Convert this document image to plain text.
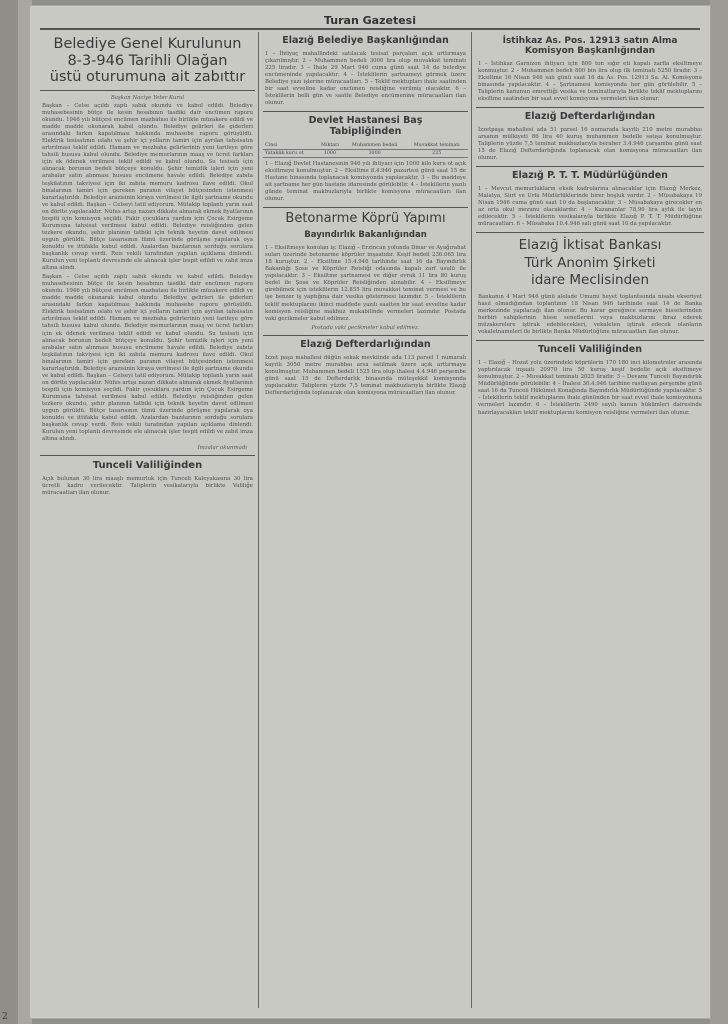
Turan Gazetesi
Belediye Genel Kurulunun
8-3-946 Tarihli Olağan
üstü oturumuna ait zabıttır
Başkan Naciye Yeter Kurul
Başkan – Celse açıldı zaptı sabık okundu ve kabul edildi. Belediye muhasebesinin bütçe ile kesin hesabının tasdiki dair encümen raporu okundu. 1946 yılı bütçesi encümen mazbatası ile birlikte müzakere edildi ve madde madde okunarak kabul olundu. Belediye gelirleri ile giderleri arasındaki farkın kapatılması hakkında muhasebe raporu görüşüldü. Elektrik tesisatının ıslahı ve şehir içi yolların tamiri için ayrılan tahsisatın artırılması teklif edildi. Hamam ve mezbaha gelirlerinin yeni tarifeye göre tahsili hususu kabul olundu. Belediye memurlarının maaş ve ücret farkları için ek ödenek verilmesi teklif edildi ve kabul olundu. Su tesisatı için alınacak borunun bedeli bütçeye konuldu. Şehir temizlik işleri için yeni arabalar satın alınması hususu encümene havale edildi. Belediye zabıta teşkilatının takviyesi için iki zabıta memuru kadrosu ilave edildi. Okul binalarının tamiri için gereken paranın vilayet bütçesinden istenmesi kararlaştırıldı. Belediye arazisinin kiraya verilmesi ile ilgili şartname okundu ve kabul edildi. Başkan – Celseyi tatil ediyorum. Mütakip toplantı yarın saat on dörtte yapılacaktır. Nüfus artışı nazarı dikkate alınarak ekmek fiyatlarının tespiti için komisyon seçildi. Fakir çocuklara yardım için Çocuk Esirgeme Kurumuna tahsisat verilmesi kabul edildi. Belediye reisliğinden gelen tezkere okundu, şehir planının tatbiki için teknik heyetin davet edilmesi uygun görüldü. Bütçe tasarısının tümü üzerinde görüşme yapılarak oya konuldu ve ittifakla kabul edildi. Azalardan bazılarının sorduğu sorulara başkanlık cevap verdi. Reis vekili tarafından yapılan açıklama dinlendi. Kurulun yeni toplantı devresinde ele alınacak işler tespit edildi ve zabıt imza altına alındı.
Başkan – Celse açıldı zaptı sabık okundu ve kabul edildi. Belediye muhasebesinin bütçe ile kesin hesabının tasdiki dair encümen raporu okundu. 1946 yılı bütçesi encümen mazbatası ile birlikte müzakere edildi ve madde madde okunarak kabul olundu. Belediye gelirleri ile giderleri arasındaki farkın kapatılması hakkında muhasebe raporu görüşüldü. Elektrik tesisatının ıslahı ve şehir içi yolların tamiri için ayrılan tahsisatın artırılması teklif edildi. Hamam ve mezbaha gelirlerinin yeni tarifeye göre tahsili hususu kabul olundu. Belediye memurlarının maaş ve ücret farkları için ek ödenek verilmesi teklif edildi ve kabul olundu. Su tesisatı için alınacak borunun bedeli bütçeye konuldu. Şehir temizlik işleri için yeni arabalar satın alınması hususu encümene havale edildi. Belediye zabıta teşkilatının takviyesi için iki zabıta memuru kadrosu ilave edildi. Okul binalarının tamiri için gereken paranın vilayet bütçesinden istenmesi kararlaştırıldı. Belediye arazisinin kiraya verilmesi ile ilgili şartname okundu ve kabul edildi. Başkan – Celseyi tatil ediyorum. Mütakip toplantı yarın saat on dörtte yapılacaktır. Nüfus artışı nazarı dikkate alınarak ekmek fiyatlarının tespiti için komisyon seçildi. Fakir çocuklara yardım için Çocuk Esirgeme Kurumuna tahsisat verilmesi kabul edildi. Belediye reisliğinden gelen tezkere okundu, şehir planının tatbiki için teknik heyetin davet edilmesi uygun görüldü. Bütçe tasarısının tümü üzerinde görüşme yapılarak oya konuldu ve ittifakla kabul edildi. Azalardan bazılarının sorduğu sorulara başkanlık cevap verdi. Reis vekili tarafından yapılan açıklama dinlendi. Kurulun yeni toplantı devresinde ele alınacak işler tespit edildi ve zabıt imza altına alındı.
İmzalar okunmadı
Tunceli Valiliğinden
Açık bulunan 30 lira maaşlı memurluk için Tunceli Kaleyakasına 30 lira ücretli kadro verilecektir. Taliplerin vesikalarıyla birlikte Valiliğe müracaatları ilan olunur.
Elazığ Belediye Başkanlığından
1 – İhtiyaç mahallindeki satılacak tesisat parçaları açık arttırmaya çıkarılmıştır. 2 – Muhammen bedeli 3000 lira olup muvakkat teminatı 225 liradır. 3 – İhale 29 Mart 946 cuma günü saat 14 de belediye encümeninde yapılacaktır. 4 – İsteklilerin şartnameyi görmek üzere Belediye yazı işlerine müracaatları. 5 – Teklif mektupları ihale saatinden bir saat evveline kadar encümen reisliğine verilmiş olacaktır. 6 – İsteklilerin belli gün ve saatte Belediye encümenine müracaatları ilan olunur.
Devlet Hastanesi Baş
Tabipliğinden
Cinsi	Miktarı	Muhammen bedeli	Muvakkat teminatı
Yataklık kuru ot	1000	3000	225
1 – Elazığ Devlet Hastanesinin 946 yılı ihtiyacı için 1000 kilo kuru ot açık eksiltmeye konulmuştur. 2 – Eksiltme 8.4.946 pazartesi günü saat 15 de Hastane binasında toplanacak komisyonda yapılacaktır. 3 – Bu maddeye ait şartname her gün hastane idaresinde görülebilir. 4 – İsteklilerin yazılı günde teminat makbuzlarıyla birlikte komisyona müracaatları ilan olunur.
Betonarme Köprü Yapımı
Bayındırlık Bakanlığından
1 – Eksiltmeye konulan iş: Elazığ – Erzincan yolunda Dinar ve Ayağırahat suları üzerinde betonarme köprüler inşaatıdır. Keşif bedeli 236.065 lira 18 kuruştur. 2 – Eksiltme 15.4.946 tarihinde saat 16 da Bayındırlık Bakanlığı Şose ve Köprüler Reisliği odasında kapalı zarf usulü ile yapılacaktır. 3 – Eksiltme şartnamesi ve diğer evrak 11 lira 80 kuruş bedel ile Şose ve Köprüler Reisliğinden alınabilir. 4 – Eksiltmeye girebilmek için isteklilerin 12.855 lira muvakkat teminat vermesi ve bu işe benzer iş yaptığına dair vesika göstermesi lazımdır. 5 – İsteklilerin teklif mektuplarını ikinci maddede yazılı saatten bir saat evveline kadar komisyon reisliğine makbuz mukabilinde vermeleri lazımdır. Postada vaki gecikmeler kabul edilmez.
Postada vaki gecikmeler kabul edilmez.
Elazığ Defterdarlığından
İzzet paşa mahallesi düğün sokak mevkiinde ada 113 parsel 1 numaralı kayıtlı 3050 metre murabbaı arsa satılmak üzere açık arttırmaya konulmuştur. Muhammen bedeli 1525 lira olup ihalesi 4.4.946 perşembe günü saat 15 de Defterdarlık binasında müteşekkil komisyonda yapılacaktır. Taliplerin yüzde 7,5 teminat makbuzlarıyla birlikte Elazığ Defterdarlığında toplanacak olan komisyona müracaatları ilan olunur.
İstihkaz As. Pos. 12913 satın Alma
Komisyon Başkanlığından
1 – İstihkaz Garnizon ihtiyacı için 800 ton sığır eti kapalı zarfla eksiltmeye konmuştur. 2 – Muhammen bedeli 800 bin lira olup ilk teminatı 5250 liradır. 3 – Eksiltme 16 Nisan 946 salı günü saat 16 da As. Pos. 12913 Sa. Al. Komisyonu binasında yapılacaktır. 4 – Şartnamesi komisyonda her gün görülebilir. 5 – Taliplerin kanunun emrettiği vesika ve teminatlarıyla birlikte teklif mektuplarını eksiltme saatinden bir saat evvel komisyona vermeleri ilan olunur.
Elazığ Defterdarlığından
İzzetpaşa mahallesi ada 51 parsel 16 numarada kayıtlı 210 metre murabbaı arsanın mülkiyeti 86 lira 40 kuruş muhammen bedelle satışa konulmuştur. Taliplerin yüzde 7,5 teminat makbuzlarıyla beraber 3.4.946 çarşamba günü saat 15 de Elazığ Defterdarlığında toplanacak olan komisyona müracaatları ilan olunur.
Elazığ P. T. T. Müdürlüğünden
1 – Mevcut memurlukların eksik kadrolarına alınacaklar için Elazığ Merkez, Malatya, Siirt ve Urfa Müdürlüklerinde birer boşluk vardır. 2 – Müsabakaya 19 Nisan 1946 cuma günü saat 10 da başlanacaktır. 3 – Müsabakaya girecekler en az orta okul mezunu olacaklardır. 4 – Kazananlar 78,90 lira aylık ile tayin edilecektir. 5 – İsteklilerin vesikalarıyla birlikte Elazığ P. T. T. Müdürlüğüne müracaatları. 6 – Müsabaka 10.4.946 salı günü saat 10 da yapılacaktır.
Elazığ İktisat Bankası
Türk Anonim Şirketi
idare Meclisinden
Bankanın 4 Mart 946 günü alelade Umumi heyet toplantısında nisabı ekseriyet hasıl olmadığından toplantının 18 Nisan 946 tarihinde saat 14 de Banka merkezinde yapılacağı ilan olunur. Bu karar gereğince sermaye hisselerinden herbiri sahiplerinin hisse senetlerini veya makbuzlarını ibraz ederek müzakerelere iştirak edebilecekleri, vekaleten iştirak edecek olanların vekaletnameleri ile birlikte Banka Müdürlüğüne müracaatları ilan olunur.
Tunceli Valiliğinden
1 – Elazığ – Hozat yolu üzerindeki köprülerin 170 180 inci kilometreler arasında yaptırılacak inşaatı 20970 lira 50 kuruş keşif bedelle açık eksiltmeye konulmuştur. 2 – Muvakkat teminatı 2025 liradır. 3 – Devamı Tunceli Bayındırlık Müdürlüğünde görülebilir. 4 – İhalesi 30.4.946 tarihine rastlayan perşembe günü saat 16 da Tunceli Hükümet Konağında Bayındırlık Müdürlüğünde yapılacaktır. 5 – İsteklilerin teklif mektuplarını ihale gününden bir saat evvel ihale komisyonuna vermeleri lazımdır. 6 – İsteklilerin 2490 sayılı kanun hükümleri dairesinde hazırlayacakları teklif mektuplarını komisyon reisliğine vermeleri ilan olunur.
2
